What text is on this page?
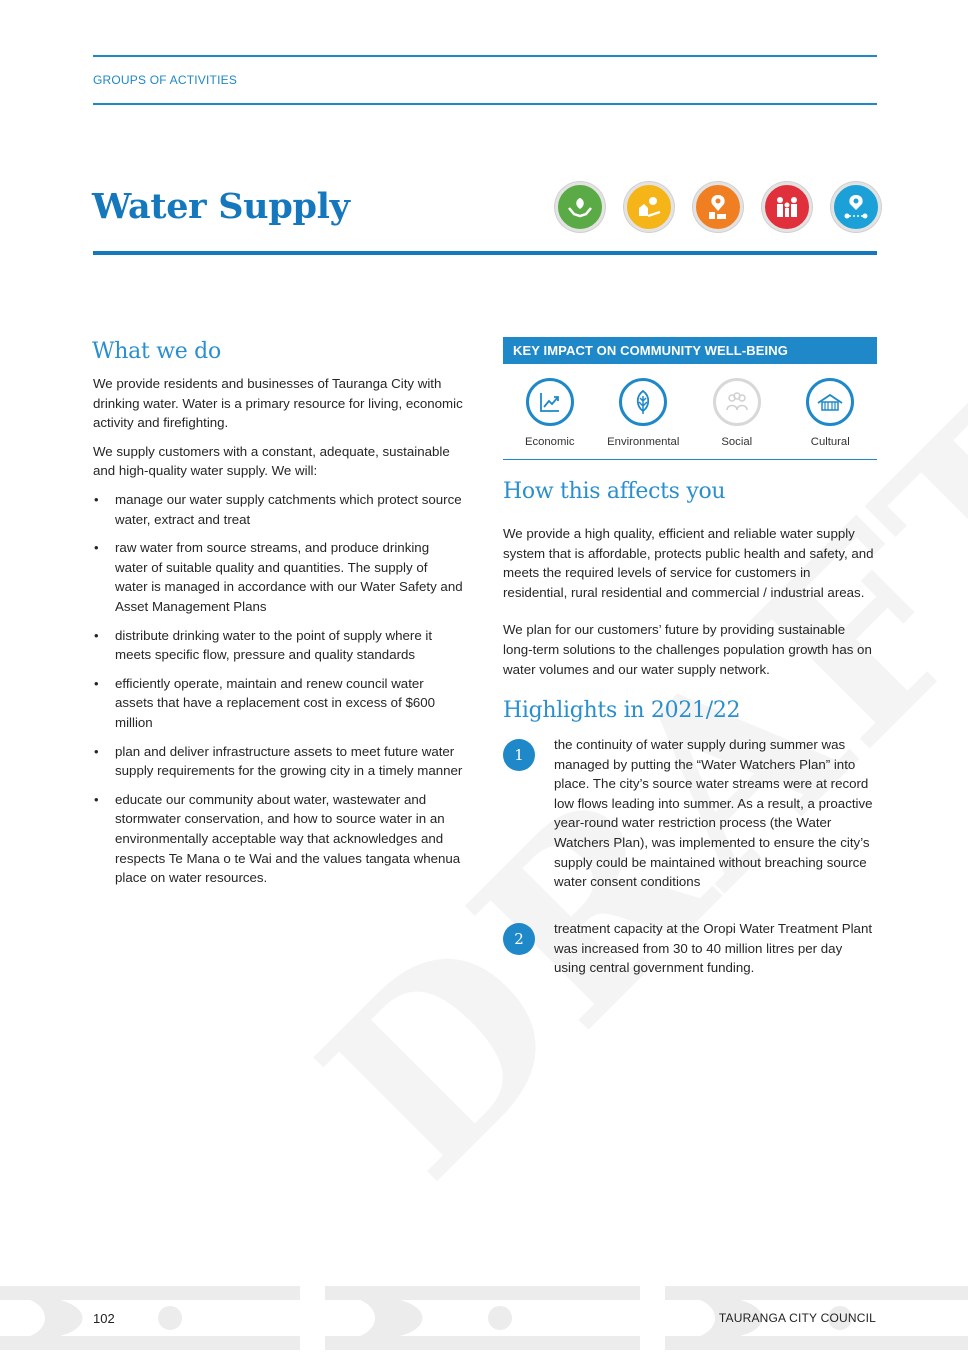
GROUPS OF ACTIVITIES
Water Supply
What we do

We provide residents and businesses of Tauranga City with drinking water. Water is a primary resource for living, economic activity and firefighting.

We supply customers with a constant, adequate, sustainable and high-quality water supply. We will:

• manage our water supply catchments which protect source water, extract and treat
• raw water from source streams, and produce drinking water of suitable quality and quantities. The supply of water is managed in accordance with our Water Safety and Asset Management Plans
• distribute drinking water to the point of supply where it meets specific flow, pressure and quality standards
• efficiently operate, maintain and renew council water assets that have a replacement cost in excess of $600 million
• plan and deliver infrastructure assets to meet future water supply requirements for the growing city in a timely manner
• educate our community about water, wastewater and stormwater conservation, and how to source water in an environmentally acceptable way that acknowledges and respects Te Mana o te Wai and the values tangata whenua place on water resources.
KEY IMPACT ON COMMUNITY WELL-BEING
Economic	Environmental	Social	Cultural
How this affects you

We provide a high quality, efficient and reliable water supply system that is affordable, protects public health and safety, and meets the required levels of service for customers in residential, rural residential and commercial / industrial areas.

We plan for our customers’ future by providing sustainable long-term solutions to the challenges population growth has on water volumes and our water supply network.

Highlights in 2021/22
1
the continuity of water supply during summer was managed by putting the “Water Watchers Plan” into place. The city’s source water streams were at record low flows leading into summer. As a result, a proactive year-round water restriction process (the Water Watchers Plan), was implemented to ensure the city’s supply could be maintained without breaching source water consent conditions
2
treatment capacity at the Oropi Water Treatment Plant was increased from 30 to 40 million litres per day using central government funding.
102	TAURANGA CITY COUNCIL
